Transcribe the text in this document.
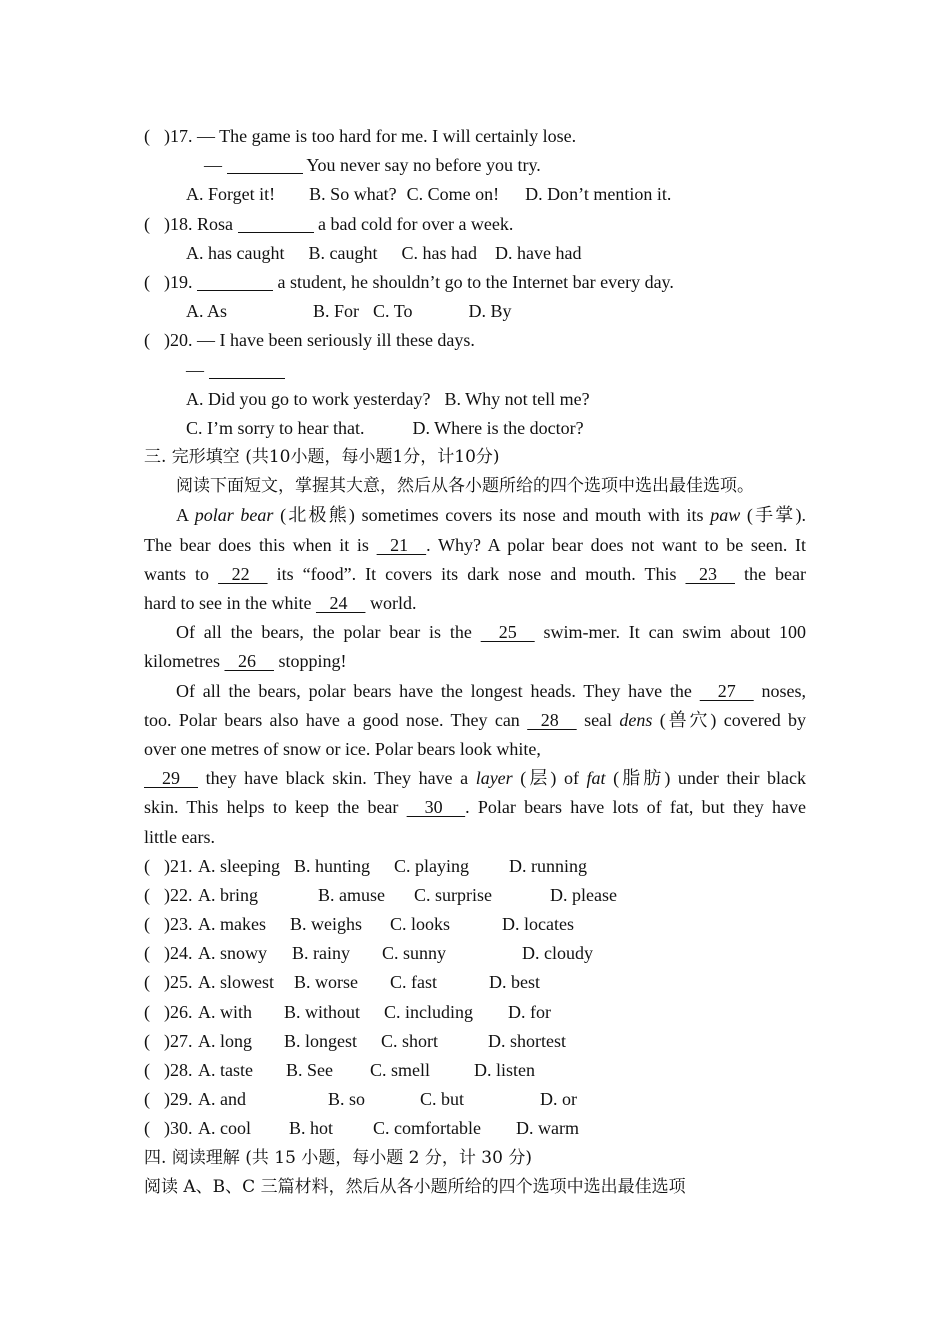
( )17. — The game is too hard for me. I will certainly lose.
—	You never say no before you try.
A. Forget it! B. So what? C. Come on! D. Don’t mention it.
( )18. Rosa	a bad cold for over a week.
A. has caught B. caught C. has had D. have had
( )19.	a student, he shouldn’t go to the Internet bar every day.
A. As	B. For C. To	D. By
( )20. — I have been seriously ill these days.
—
A. Did you go to work yesterday? B. Why not tell me?
C. I’m sorry to hear that.	D. Where is the doctor?
三. 完形填空 (共10小题，每小题1分，计10分)
阅读下面短文，掌握其大意，然后从各小题所给的四个选项中选出最佳选项。
A polar bear (北极熊) sometimes covers its nose and mouth with its paw (手掌).
The bear does this when it is    21    . Why? A polar bear does not want to be seen. It
wants to    22     its “food”. It covers its dark nose and mouth. This    23     the bear
hard to see in the white    24     world.
Of all the bears, the polar bear is the     25     swim-mer. It can swim about 100
kilometres    26     stopping!
Of all the bears, polar bears have the longest heads. They have the     27     noses,
too. Polar bears also have a good nose. They can    28     seal dens (兽穴) covered by
over one metres of snow or ice. Polar bears look white,
29     they have black skin. They have a layer (层) of fat (脂肪) under their black
skin. This helps to keep the bear     30     . Polar bears have lots of fat, but they have
little ears.
( )21. A. sleeping B. hunting C. playing D. running
( )22. A. bring	B. amuse C. surprise	D. please
( )23. A. makes B. weighs C. looks	D. locates
( )24. A. snowy B. rainy C. sunny	D. cloudy
( )25. A. slowest B. worse C. fast	D. best
( )26. A. with B. without C. including D. for
( )27. A. long B. longest C. short	D. shortest
( )28. A. taste B. See C. smell D. listen
( )29. A. and	B. so	C. but	D. or
( )30. A. cool B. hot C. comfortable D. warm
四. 阅读理解 (共 15 小题，每小题 2 分，计 30 分)
阅读 A、B、C 三篇材料，然后从各小题所给的四个选项中选出最佳选项
